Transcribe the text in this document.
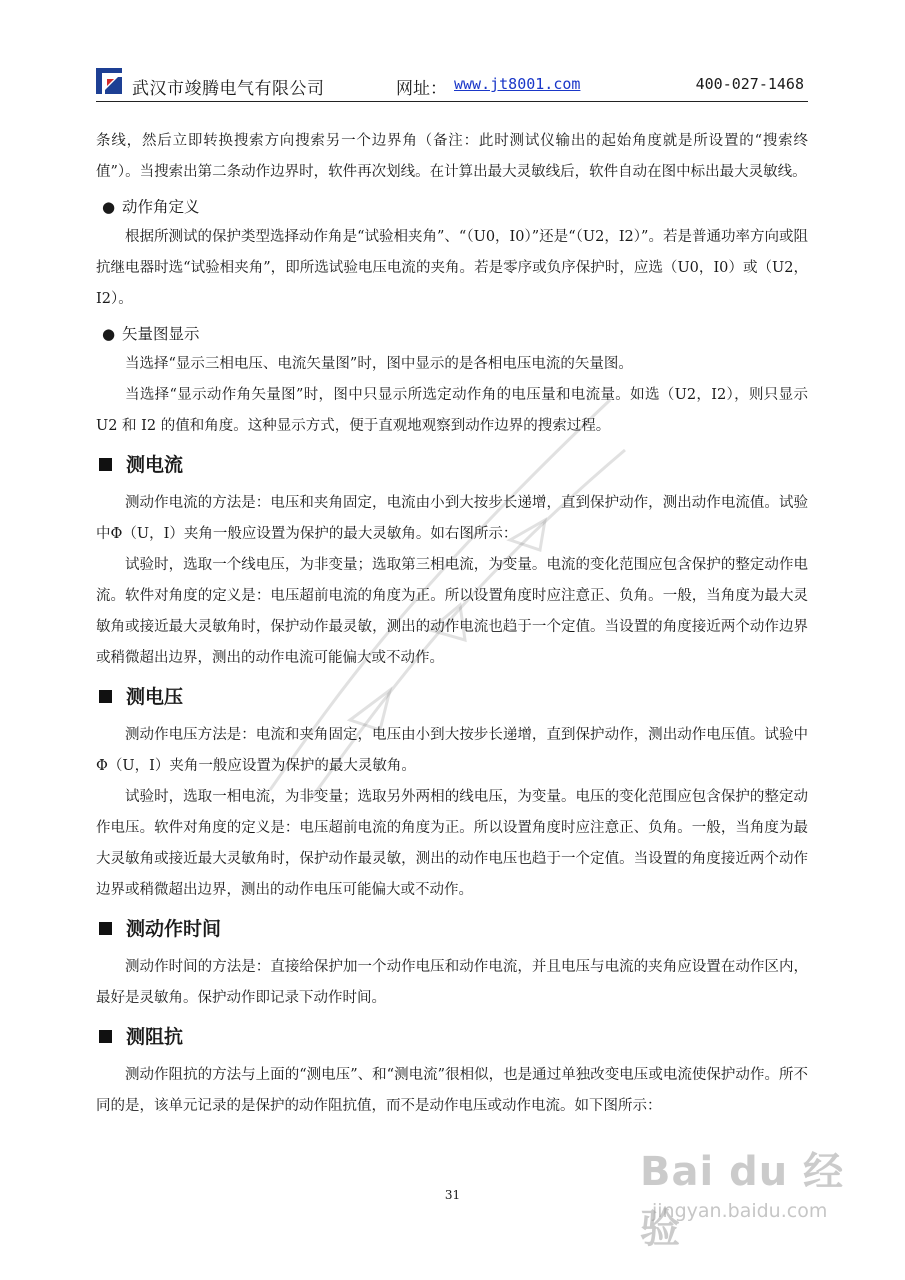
武汉市竣腾电气有限公司	网址： www.jt8001.com	400-027-1468

条线，然后立即转换搜索方向搜索另一个边界角（备注：此时测试仪输出的起始角度就是所设置的“搜索终值”）。当搜索出第二条动作边界时，软件再次划线。在计算出最大灵敏线后，软件自动在图中标出最大灵敏线。

● 动作角定义

根据所测试的保护类型选择动作角是“试验相夹角”、“（U0，I0）”还是“（U2，I2）”。若是普通功率方向或阻抗继电器时选“试验相夹角”，即所选试验电压电流的夹角。若是零序或负序保护时，应选（U0，I0）或（U2，I2）。

● 矢量图显示

当选择“显示三相电压、电流矢量图”时，图中显示的是各相电压电流的矢量图。

当选择“显示动作角矢量图”时，图中只显示所选定动作角的电压量和电流量。如选（U2，I2），则只显示 U2 和 I2 的值和角度。这种显示方式，便于直观地观察到动作边界的搜索过程。

测电流

测动作电流的方法是：电压和夹角固定，电流由小到大按步长递增，直到保护动作，测出动作电流值。试验中Φ（U，I）夹角一般应设置为保护的最大灵敏角。如右图所示：

试验时，选取一个线电压，为非变量；选取第三相电流，为变量。电流的变化范围应包含保护的整定动作电流。软件对角度的定义是：电压超前电流的角度为正。所以设置角度时应注意正、负角。一般，当角度为最大灵敏角或接近最大灵敏角时，保护动作最灵敏，测出的动作电流也趋于一个定值。当设置的角度接近两个动作边界或稍微超出边界，测出的动作电流可能偏大或不动作。

测电压

测动作电压方法是：电流和夹角固定，电压由小到大按步长递增，直到保护动作，测出动作电压值。试验中Φ（U，I）夹角一般应设置为保护的最大灵敏角。

试验时，选取一相电流，为非变量；选取另外两相的线电压，为变量。电压的变化范围应包含保护的整定动作电压。软件对角度的定义是：电压超前电流的角度为正。所以设置角度时应注意正、负角。一般，当角度为最大灵敏角或接近最大灵敏角时，保护动作最灵敏，测出的动作电压也趋于一个定值。当设置的角度接近两个动作边界或稍微超出边界，测出的动作电压可能偏大或不动作。

测动作时间

测动作时间的方法是：直接给保护加一个动作电压和动作电流，并且电压与电流的夹角应设置在动作区内，最好是灵敏角。保护动作即记录下动作时间。

测阻抗

测动作阻抗的方法与上面的“测电压”、和“测电流”很相似，也是通过单独改变电压或电流使保护动作。所不同的是，该单元记录的是保护的动作阻抗值，而不是动作电压或动作电流。如下图所示：

31	Bai du 经验
jingyan.baidu.com
